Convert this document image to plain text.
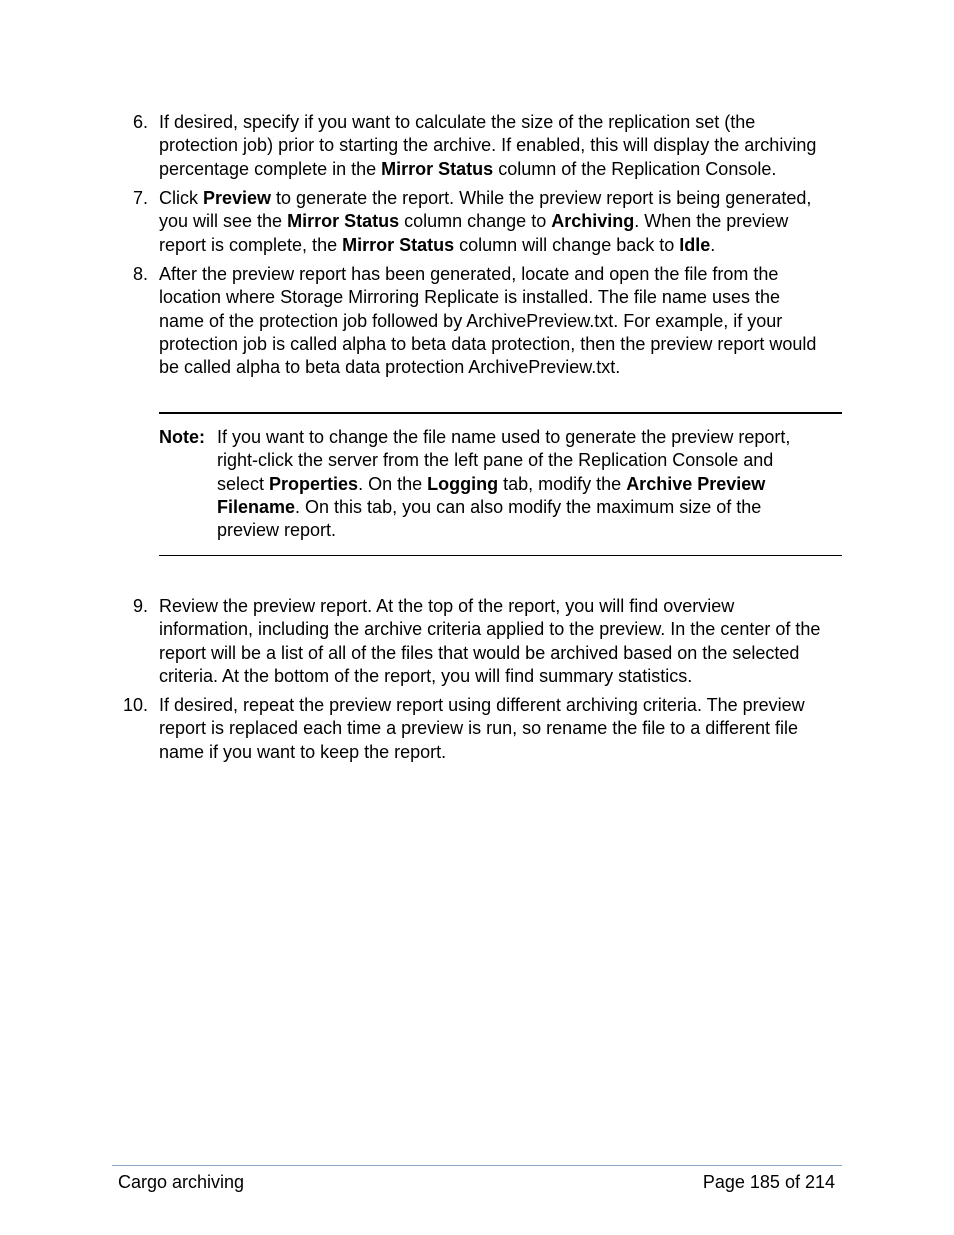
6. If desired, specify if you want to calculate the size of the replication set (the
protection job) prior to starting the archive. If enabled, this will display the archiving
percentage complete in the Mirror Status column of the Replication Console.
7. Click Preview to generate the report. While the preview report is being generated,
you will see the Mirror Status column change to Archiving. When the preview
report is complete, the Mirror Status column will change back to Idle.
8. After the preview report has been generated, locate and open the file from the
location where Storage Mirroring Replicate is installed. The file name uses the
name of the protection job followed by ArchivePreview.txt. For example, if your
protection job is called alpha to beta data protection, then the preview report would
be called alpha to beta data protection ArchivePreview.txt.
Note: If you want to change the file name used to generate the preview report,
right-click the server from the left pane of the Replication Console and
select Properties. On the Logging tab, modify the Archive Preview
Filename. On this tab, you can also modify the maximum size of the
preview report.
9. Review the preview report. At the top of the report, you will find overview
information, including the archive criteria applied to the preview. In the center of the
report will be a list of all of the files that would be archived based on the selected
criteria. At the bottom of the report, you will find summary statistics.
10. If desired, repeat the preview report using different archiving criteria. The preview
report is replaced each time a preview is run, so rename the file to a different file
name if you want to keep the report.
Cargo archiving	Page 185 of 214
